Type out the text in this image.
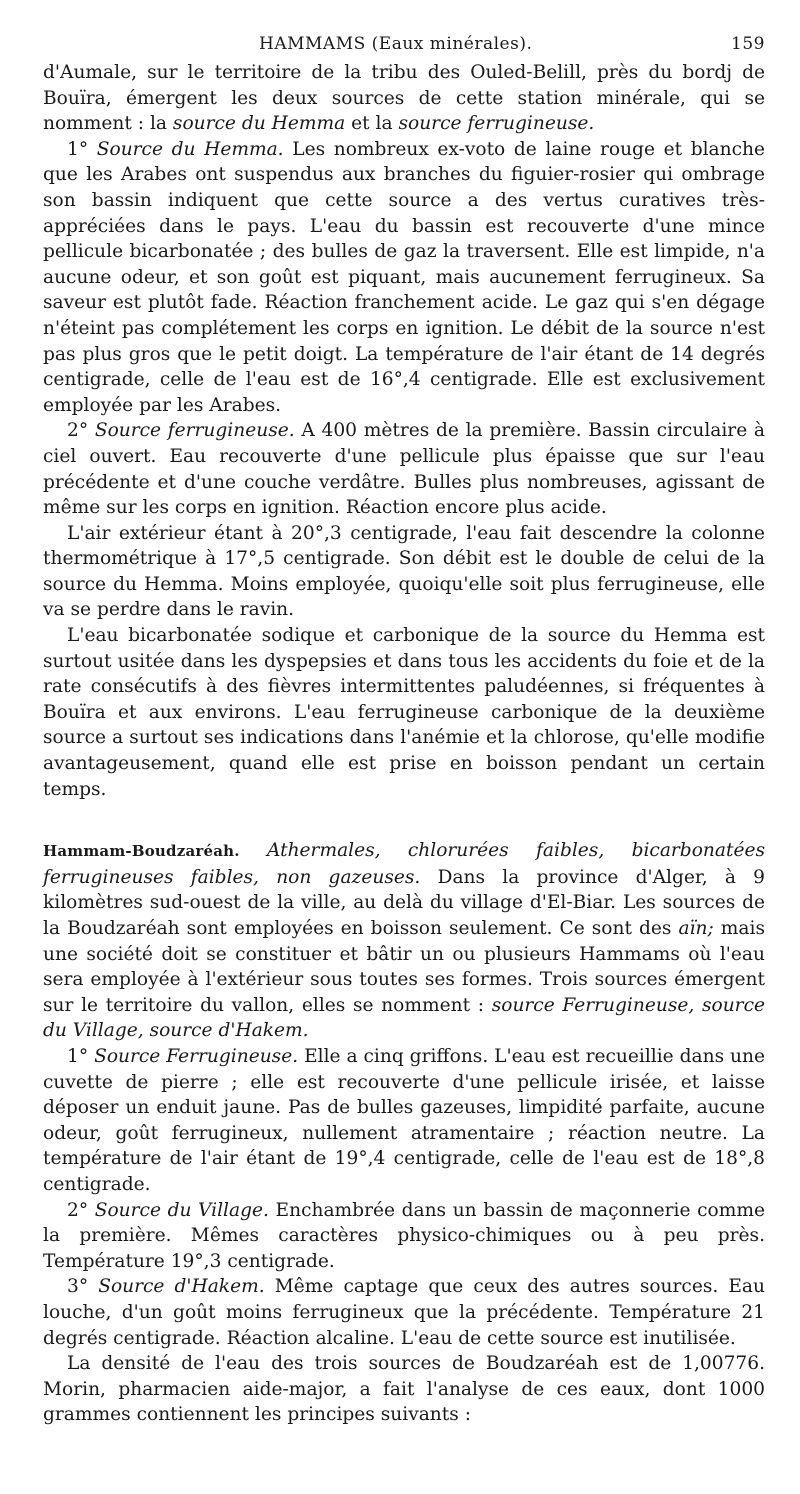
HAMMAMS (Eaux minérales).	159

d'Aumale, sur le territoire de la tribu des Ouled-Belill, près du bordj de Bouïra, émergent les deux sources de cette station minérale, qui se nomment : la source du Hemma et la source ferrugineuse.

1° Source du Hemma. Les nombreux ex-voto de laine rouge et blanche que les Arabes ont suspendus aux branches du figuier-rosier qui ombrage son bassin indiquent que cette source a des vertus curatives très-appréciées dans le pays. L'eau du bassin est recouverte d'une mince pellicule bicarbonatée ; des bulles de gaz la traversent. Elle est limpide, n'a aucune odeur, et son goût est piquant, mais aucunement ferrugineux. Sa saveur est plutôt fade. Réaction franchement acide. Le gaz qui s'en dégage n'éteint pas complétement les corps en ignition. Le débit de la source n'est pas plus gros que le petit doigt. La température de l'air étant de 14 degrés centigrade, celle de l'eau est de 16°,4 centigrade. Elle est exclusivement employée par les Arabes.

2° Source ferrugineuse. A 400 mètres de la première. Bassin circulaire à ciel ouvert. Eau recouverte d'une pellicule plus épaisse que sur l'eau précédente et d'une couche verdâtre. Bulles plus nombreuses, agissant de même sur les corps en ignition. Réaction encore plus acide.

L'air extérieur étant à 20°,3 centigrade, l'eau fait descendre la colonne thermométrique à 17°,5 centigrade. Son débit est le double de celui de la source du Hemma. Moins employée, quoiqu'elle soit plus ferrugineuse, elle va se perdre dans le ravin.

L'eau bicarbonatée sodique et carbonique de la source du Hemma est surtout usitée dans les dyspepsies et dans tous les accidents du foie et de la rate consécutifs à des fièvres intermittentes paludéennes, si fréquentes à Bouïra et aux environs. L'eau ferrugineuse carbonique de la deuxième source a surtout ses indications dans l'anémie et la chlorose, qu'elle modifie avantageusement, quand elle est prise en boisson pendant un certain temps.

Hammam-Boudzaréah. Athermales, chlorurées faibles, bicarbonatées ferrugineuses faibles, non gazeuses. Dans la province d'Alger, à 9 kilomètres sud-ouest de la ville, au delà du village d'El-Biar. Les sources de la Boudzaréah sont employées en boisson seulement. Ce sont des aïn; mais une société doit se constituer et bâtir un ou plusieurs Hammams où l'eau sera employée à l'extérieur sous toutes ses formes. Trois sources émergent sur le territoire du vallon, elles se nomment : source Ferrugineuse, source du Village, source d'Hakem.

1° Source Ferrugineuse. Elle a cinq griffons. L'eau est recueillie dans une cuvette de pierre ; elle est recouverte d'une pellicule irisée, et laisse déposer un enduit jaune. Pas de bulles gazeuses, limpidité parfaite, aucune odeur, goût ferrugineux, nullement atramentaire ; réaction neutre. La température de l'air étant de 19°,4 centigrade, celle de l'eau est de 18°,8 centigrade.

2° Source du Village. Enchambrée dans un bassin de maçonnerie comme la première. Mêmes caractères physico-chimiques ou à peu près. Température 19°,3 centigrade.

3° Source d'Hakem. Même captage que ceux des autres sources. Eau louche, d'un goût moins ferrugineux que la précédente. Température 21 degrés centigrade. Réaction alcaline. L'eau de cette source est inutilisée.

La densité de l'eau des trois sources de Boudzaréah est de 1,00776. Morin, pharmacien aide-major, a fait l'analyse de ces eaux, dont 1000 grammes contiennent les principes suivants :
